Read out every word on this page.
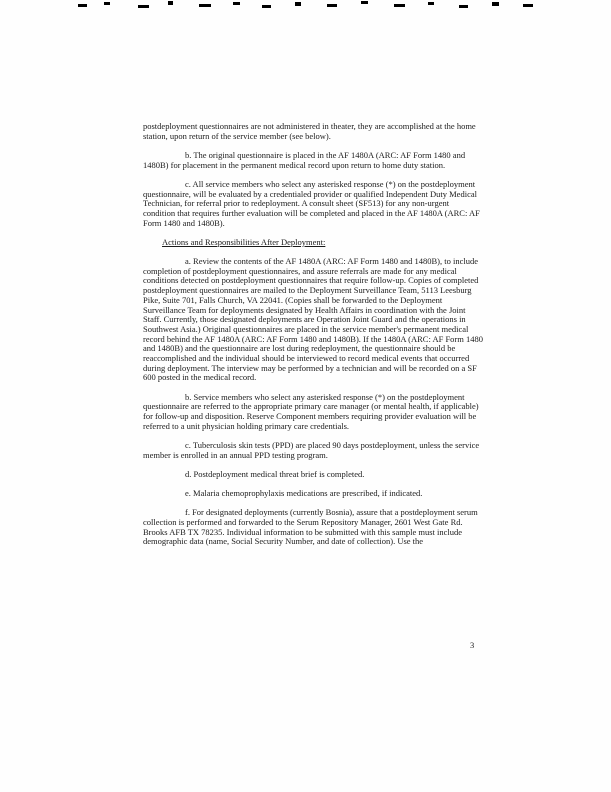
postdeployment questionnaires are not administered in theater, they are accomplished at the home station, upon return of the service member (see below).

b. The original questionnaire is placed in the AF 1480A (ARC: AF Form 1480 and 1480B) for placement in the permanent medical record upon return to home duty station.

c. All service members who select any asterisked response (*) on the postdeployment questionnaire, will be evaluated by a credentialed provider or qualified Independent Duty Medical Technician, for referral prior to redeployment. A consult sheet (SF513) for any non-urgent condition that requires further evaluation will be completed and placed in the AF 1480A (ARC: AF Form 1480 and 1480B).

Actions and Responsibilities After Deployment:

a. Review the contents of the AF 1480A (ARC: AF Form 1480 and 1480B), to include completion of postdeployment questionnaires, and assure referrals are made for any medical conditions detected on postdeployment questionnaires that require follow-up. Copies of completed postdeployment questionnaires are mailed to the Deployment Surveillance Team, 5113 Leesburg Pike, Suite 701, Falls Church, VA 22041. (Copies shall be forwarded to the Deployment Surveillance Team for deployments designated by Health Affairs in coordination with the Joint Staff. Currently, those designated deployments are Operation Joint Guard and the operations in Southwest Asia.) Original questionnaires are placed in the service member's permanent medical record behind the AF 1480A (ARC: AF Form 1480 and 1480B). If the 1480A (ARC: AF Form 1480 and 1480B) and the questionnaire are lost during redeployment, the questionnaire should be reaccomplished and the individual should be interviewed to record medical events that occurred during deployment. The interview may be performed by a technician and will be recorded on a SF 600 posted in the medical record.

b. Service members who select any asterisked response (*) on the postdeployment questionnaire are referred to the appropriate primary care manager (or mental health, if applicable) for follow-up and disposition. Reserve Component members requiring provider evaluation will be referred to a unit physician holding primary care credentials.

c. Tuberculosis skin tests (PPD) are placed 90 days postdeployment, unless the service member is enrolled in an annual PPD testing program.

d. Postdeployment medical threat brief is completed.

e. Malaria chemoprophylaxis medications are prescribed, if indicated.

f. For designated deployments (currently Bosnia), assure that a postdeployment serum collection is performed and forwarded to the Serum Repository Manager, 2601 West Gate Rd. Brooks AFB TX 78235. Individual information to be submitted with this sample must include demographic data (name, Social Security Number, and date of collection). Use the

3
